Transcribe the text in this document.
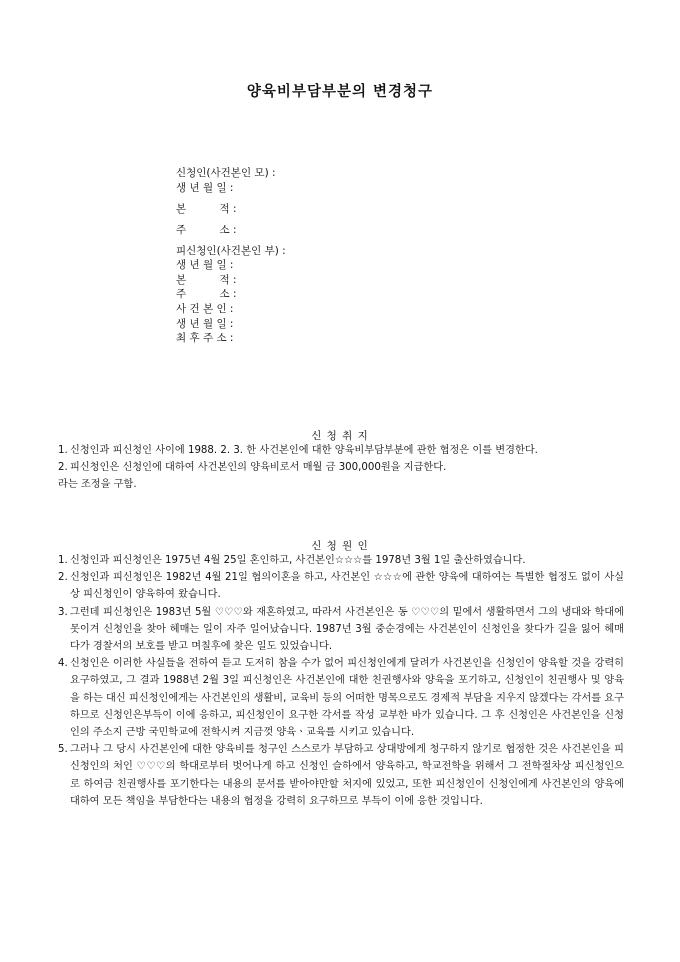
양육비부담부분의 변경청구
신청인(사건본인 모) :
생 년 월 일 :
본          적 :
주          소 :
피신청인(사건본인 부) :
생 년 월 일 :
본          적 :
주          소 :
사 건 본 인 :
생 년 월 일 :
최 후 주 소 :
신 청 취 지

1. 신청인과 피신청인 사이에 1988. 2. 3. 한 사건본인에 대한 양육비부담부분에 관한 협정은 이를 변경한다.

2. 피신청인은 신청인에 대하여 사건본인의 양육비로서 매월 금 300,000원을 지급한다.

라는 조정을 구함.

신 청 원 인

1. 신청인과 피신청인은 1975년 4월 25일 혼인하고, 사건본인☆☆☆를 1978년 3월 1일 출산하였습니다.

2. 신청인과 피신청인은 1982년 4월 21일 협의이혼을 하고, 사건본인 ☆☆☆에 관한 양육에 대하여는 특별한 협정도 없이 사실상 피신청인이 양육하여 왔습니다.

3. 그런데 피신청인은 1983년 5월 ♡♡♡와 재혼하였고, 따라서 사건본인은 동 ♡♡♡의 밑에서 생활하면서 그의 냉대와 학대에 못이겨 신청인을 찾아 헤매는 일이 자주 일어났습니다. 1987년 3월 중순경에는 사건본인이 신청인을 찾다가 길을 잃어 헤매다가 경찰서의 보호를 받고 며칠후에 찾은 일도 있었습니다.

4. 신청인은 이러한 사실들을 전하여 듣고 도저히 참을 수가 없어 피신청인에게 달려가 사건본인을 신청인이 양육할 것을 강력히 요구하였고, 그 결과 1988년 2월 3일 피신청인은 사건본인에 대한 친권행사와 양육을 포기하고, 신청인이 친권행사 및 양육을 하는 대신 피신청인에게는 사건본인의 생활비, 교육비 등의 어떠한 명목으로도 경제적 부담을 지우지 않겠다는 각서를 요구하므로 신청인은부득이 이에 응하고, 피신청인이 요구한 각서를 작성 교부한 바가 있습니다. 그 후 신청인은 사건본인을 신청인의 주소지 근방 국민학교에 전학시켜 지금껏 양육ㆍ교육를 시키고 있습니다.

5. 그러나 그 당시 사건본인에 대한 양육비를 청구인 스스로가 부담하고 상대방에게 청구하지 않기로 협정한 것은 사건본인을 피신청인의 처인 ♡♡♡의 학대로부터 벗어나게 하고 신청인 슬하에서 양육하고, 학교전학을 위해서 그 전학절차상 피신청인으로 하여금 친권행사를 포기한다는 내용의 문서를 받아야만할 처지에 있었고, 또한 피신청인이 신청인에게 사건본인의 양육에 대하여 모든 책임을 부담한다는 내용의 협정을 강력히 요구하므로 부득이 이에 응한 것입니다.
